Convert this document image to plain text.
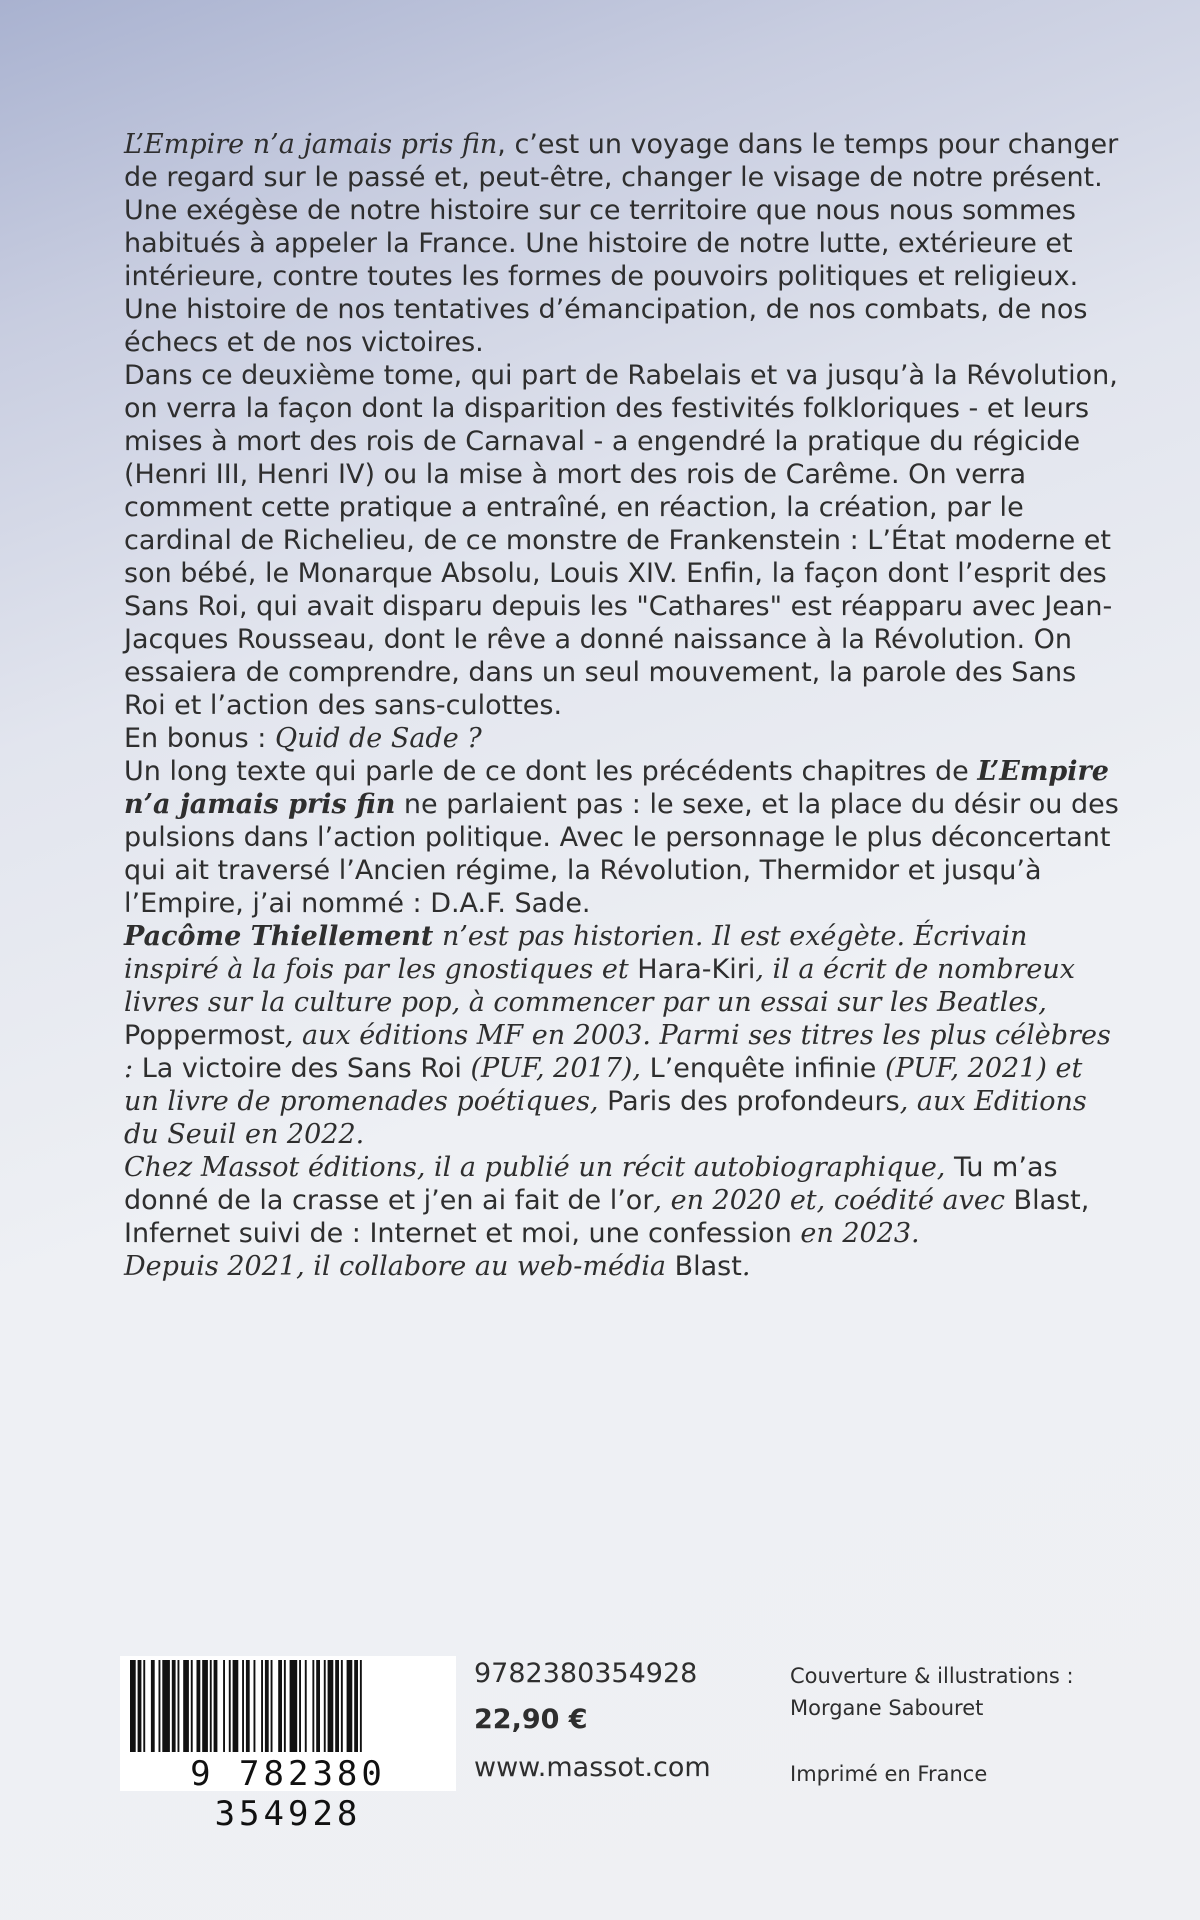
L’Empire n’a jamais pris fin, c’est un voyage dans le temps pour changer de regard sur le passé et, peut-être, changer le visage de notre présent. Une exégèse de notre histoire sur ce territoire que nous nous sommes habitués à appeler la France. Une histoire de notre lutte, extérieure et intérieure, contre toutes les formes de pouvoirs politiques et religieux. Une histoire de nos tentatives d’émancipation, de nos combats, de nos échecs et de nos victoires.

Dans ce deuxième tome, qui part de Rabelais et va jusqu’à la Révolution, on verra la façon dont la disparition des festivités folkloriques - et leurs mises à mort des rois de Carnaval - a engendré la pratique du régicide (Henri III, Henri IV) ou la mise à mort des rois de Carême. On verra comment cette pratique a entraîné, en réaction, la création, par le cardinal de Richelieu, de ce monstre de Frankenstein : L’État moderne et son bébé, le Monarque Absolu, Louis XIV. Enfin, la façon dont l’esprit des Sans Roi, qui avait disparu depuis les "Cathares" est réapparu avec Jean-Jacques Rousseau, dont le rêve a donné naissance à la Révolution. On essaiera de comprendre, dans un seul mouvement, la parole des Sans Roi et l’action des sans-culottes.

En bonus : Quid de Sade ?
Un long texte qui parle de ce dont les précédents chapitres de L’Empire n’a jamais pris fin ne parlaient pas : le sexe, et la place du désir ou des pulsions dans l’action politique. Avec le personnage le plus déconcertant qui ait traversé l’Ancien régime, la Révolution, Thermidor et jusqu’à l’Empire, j’ai nommé : D.A.F. Sade.

Pacôme Thiellement n’est pas historien. Il est exégète. Écrivain inspiré à la fois par les gnostiques et Hara-Kiri, il a écrit de nombreux livres sur la culture pop, à commencer par un essai sur les Beatles, Poppermost, aux éditions MF en 2003. Parmi ses titres les plus célèbres : La victoire des Sans Roi (PUF, 2017), L’enquête infinie (PUF, 2021) et un livre de promenades poétiques, Paris des profondeurs, aux Editions du Seuil en 2022.

Chez Massot éditions, il a publié un récit autobiographique, Tu m’as donné de la crasse et j’en ai fait de l’or, en 2020 et, coédité avec Blast, Infernet suivi de : Internet et moi, une confession en 2023.

Depuis 2021, il collabore au web-média Blast.

9 782380 354928
9782380354928
22,90 €
www.massot.com
Couverture & illustrations :
Morgane Sabouret
Imprimé en France
